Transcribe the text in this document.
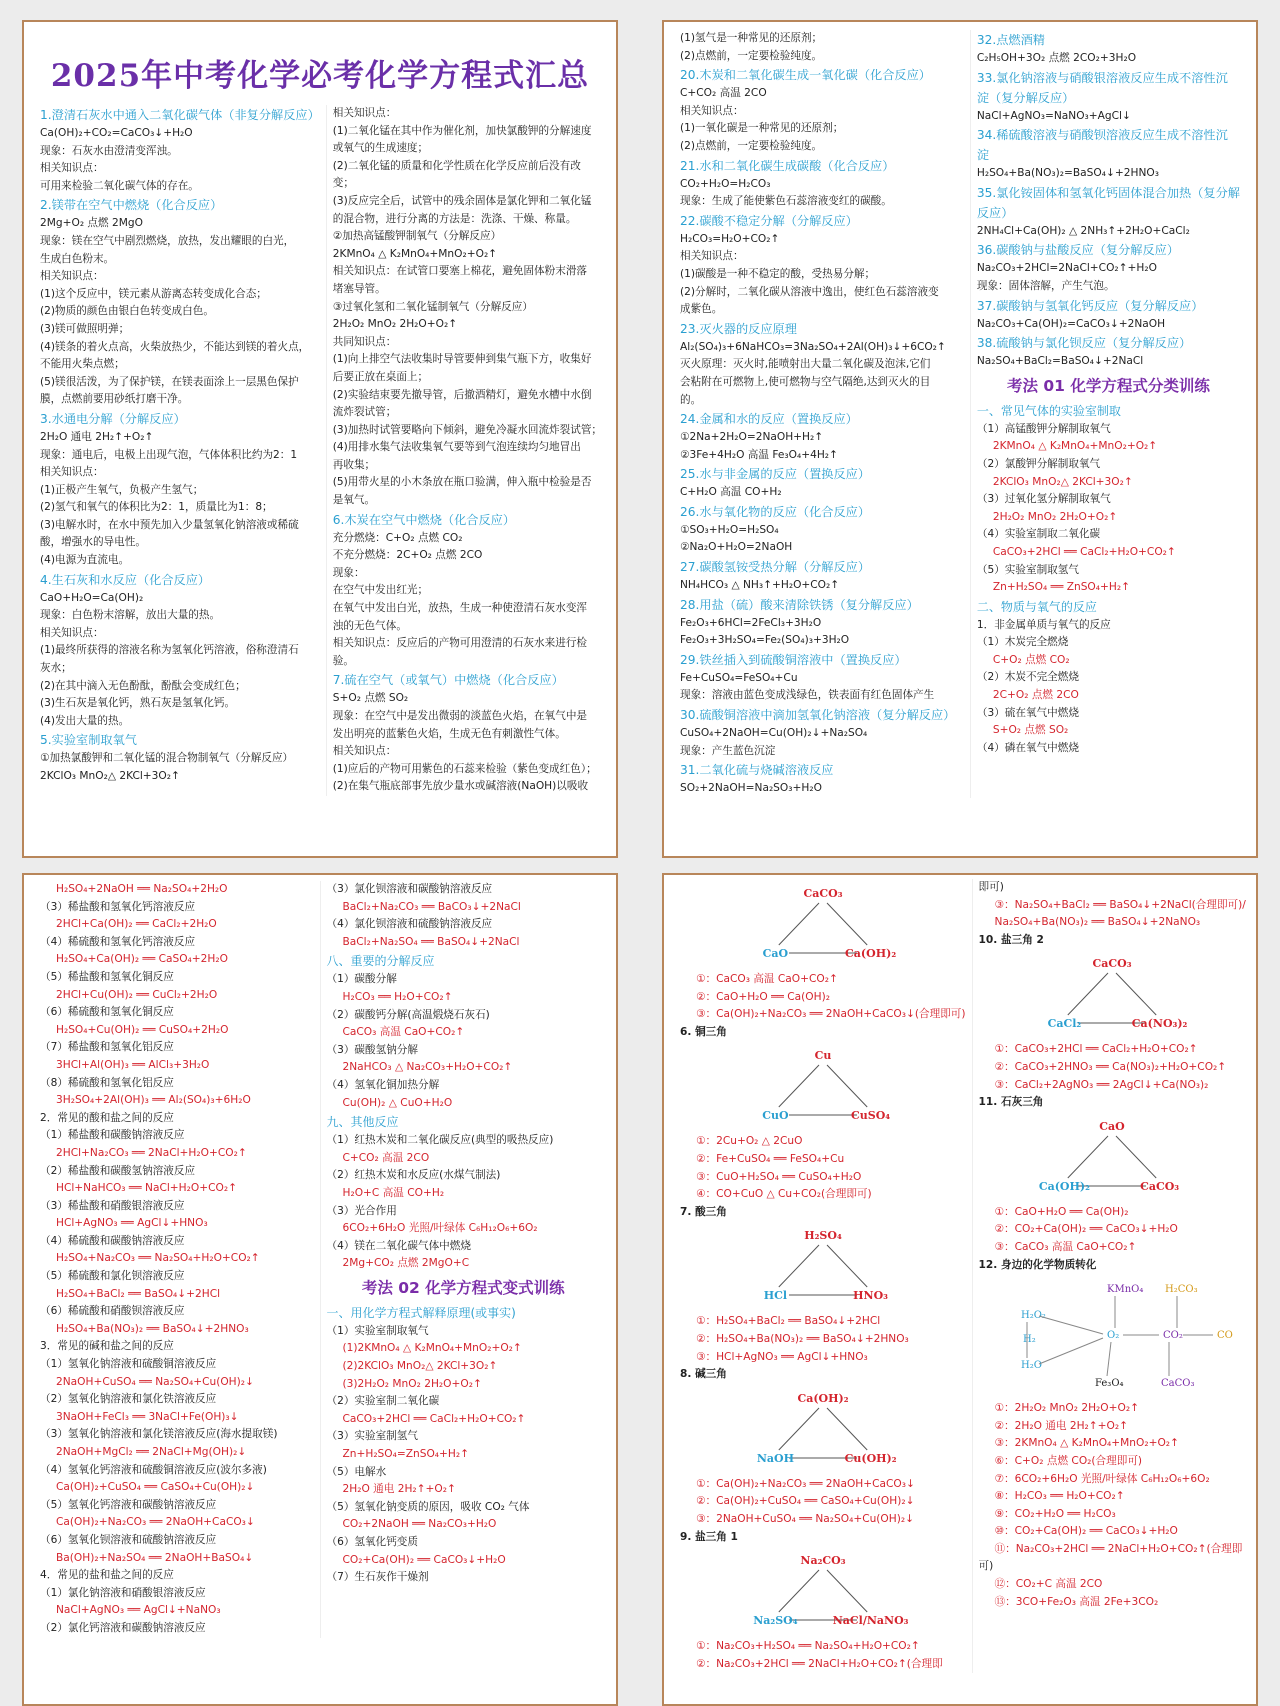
2025年中考化学必考化学方程式汇总
1.澄清石灰水中通入二氧化碳气体（非复分解反应）
Ca(OH)₂+CO₂=CaCO₃↓+H₂O
现象：石灰水由澄清变浑浊。
相关知识点：
可用来检验二氧化碳气体的存在。
2.镁带在空气中燃烧（化合反应）
2Mg+O₂ 点燃 2MgO
现象：镁在空气中剧烈燃烧，放热，发出耀眼的白光，
生成白色粉末。
相关知识点：
(1)这个反应中，镁元素从游离态转变成化合态；
(2)物质的颜色由银白色转变成白色。
(3)镁可做照明弹；
(4)镁条的着火点高，火柴放热少，不能达到镁的着火点，
不能用火柴点燃；
(5)镁很活泼，为了保护镁，在镁表面涂上一层黑色保护
膜，点燃前要用砂纸打磨干净。
3.水通电分解（分解反应）
2H₂O 通电 2H₂↑+O₂↑
现象：通电后，电极上出现气泡，气体体积比约为2：1
相关知识点：
(1)正极产生氧气，负极产生氢气；
(2)氢气和氧气的体积比为2：1，质量比为1：8；
(3)电解水时，在水中预先加入少量氢氧化钠溶液或稀硫
酸，增强水的导电性。
(4)电源为直流电。
4.生石灰和水反应（化合反应）
CaO+H₂O=Ca(OH)₂
现象：白色粉末溶解，放出大量的热。
相关知识点：
(1)最终所获得的溶液名称为氢氧化钙溶液，俗称澄清石
灰水；
(2)在其中滴入无色酚酞，酚酞会变成红色；
(3)生石灰是氧化钙，熟石灰是氢氧化钙。
(4)发出大量的热。
5.实验室制取氧气
①加热氯酸钾和二氧化锰的混合物制氧气（分解反应）
2KClO₃ MnO₂△ 2KCl+3O₂↑
相关知识点：
(1)二氧化锰在其中作为催化剂，加快氯酸钾的分解速度
或氧气的生成速度；
(2)二氧化锰的质量和化学性质在化学反应前后没有改
变；
(3)反应完全后，试管中的残余固体是氯化钾和二氧化锰
的混合物，进行分离的方法是：洗涤、干燥、称量。
②加热高锰酸钾制氧气（分解反应）
2KMnO₄ △ K₂MnO₄+MnO₂+O₂↑
相关知识点：在试管口要塞上棉花，避免固体粉末滑落
堵塞导管。
③过氧化氢和二氧化锰制氧气（分解反应）
2H₂O₂ MnO₂ 2H₂O+O₂↑
共同知识点：
(1)向上排空气法收集时导管要伸到集气瓶下方，收集好
后要正放在桌面上；
(2)实验结束要先撤导管，后撤酒精灯，避免水槽中水倒
流炸裂试管；
(3)加热时试管要略向下倾斜，避免冷凝水回流炸裂试管；
(4)用排水集气法收集氧气要等到气泡连续均匀地冒出
再收集；
(5)用带火星的小木条放在瓶口验满，伸入瓶中检验是否
是氧气。
6.木炭在空气中燃烧（化合反应）
充分燃烧：C+O₂ 点燃 CO₂
不充分燃烧：2C+O₂ 点燃 2CO
现象：
在空气中发出红光；
在氧气中发出白光，放热，生成一种使澄清石灰水变浑
浊的无色气体。
相关知识点：反应后的产物可用澄清的石灰水来进行检
验。
7.硫在空气（或氧气）中燃烧（化合反应）
S+O₂ 点燃 SO₂
现象：在空气中是发出微弱的淡蓝色火焰，在氧气中是
发出明亮的蓝紫色火焰，生成无色有刺激性气体。
相关知识点：
(1)应后的产物可用紫色的石蕊来检验（紫色变成红色）；
(2)在集气瓶底部事先放少量水或碱溶液(NaOH)以吸收
(1)氢气是一种常见的还原剂；
(2)点燃前，一定要检验纯度。
20.木炭和二氧化碳生成一氧化碳（化合反应）
C+CO₂ 高温 2CO
相关知识点：
(1)一氧化碳是一种常见的还原剂；
(2)点燃前，一定要检验纯度。
21.水和二氧化碳生成碳酸（化合反应）
CO₂+H₂O=H₂CO₃
现象：生成了能使紫色石蕊溶液变红的碳酸。
22.碳酸不稳定分解（分解反应）
H₂CO₃=H₂O+CO₂↑
相关知识点：
(1)碳酸是一种不稳定的酸，受热易分解；
(2)分解时，二氧化碳从溶液中逸出，使红色石蕊溶液变
成紫色。
23.灭火器的反应原理
Al₂(SO₄)₃+6NaHCO₃=3Na₂SO₄+2Al(OH)₃↓+6CO₂↑
灭火原理：灭火时,能喷射出大量二氧化碳及泡沫,它们
会粘附在可燃物上,使可燃物与空气隔绝,达到灭火的目
的。
24.金属和水的反应（置换反应）
①2Na+2H₂O=2NaOH+H₂↑
②3Fe+4H₂O 高温 Fe₃O₄+4H₂↑
25.水与非金属的反应（置换反应）
C+H₂O 高温 CO+H₂
26.水与氧化物的反应（化合反应）
①SO₃+H₂O=H₂SO₄
②Na₂O+H₂O=2NaOH
27.碳酸氢铵受热分解（分解反应）
NH₄HCO₃ △ NH₃↑+H₂O+CO₂↑
28.用盐（硫）酸来清除铁锈（复分解反应）
Fe₂O₃+6HCl=2FeCl₃+3H₂O
Fe₂O₃+3H₂SO₄=Fe₂(SO₄)₃+3H₂O
29.铁丝插入到硫酸铜溶液中（置换反应）
Fe+CuSO₄=FeSO₄+Cu
现象：溶液由蓝色变成浅绿色，铁表面有红色固体产生
30.硫酸铜溶液中滴加氢氧化钠溶液（复分解反应）
CuSO₄+2NaOH=Cu(OH)₂↓+Na₂SO₄
现象：产生蓝色沉淀
31.二氧化硫与烧碱溶液反应
SO₂+2NaOH=Na₂SO₃+H₂O
32.点燃酒精
C₂H₅OH+3O₂ 点燃 2CO₂+3H₂O
33.氯化钠溶液与硝酸银溶液反应生成不溶性沉
淀（复分解反应）
NaCl+AgNO₃=NaNO₃+AgCl↓
34.稀硫酸溶液与硝酸钡溶液反应生成不溶性沉
淀
H₂SO₄+Ba(NO₃)₂=BaSO₄↓+2HNO₃
35.氯化铵固体和氢氧化钙固体混合加热（复分解
反应）
2NH₄Cl+Ca(OH)₂ △ 2NH₃↑+2H₂O+CaCl₂
36.碳酸钠与盐酸反应（复分解反应）
Na₂CO₃+2HCl=2NaCl+CO₂↑+H₂O
现象：固体溶解，产生气泡。
37.碳酸钠与氢氧化钙反应（复分解反应）
Na₂CO₃+Ca(OH)₂=CaCO₃↓+2NaOH
38.硫酸钠与氯化钡反应（复分解反应）
Na₂SO₄+BaCl₂=BaSO₄↓+2NaCl
考法 01 化学方程式分类训练
一、常见气体的实验室制取
（1）高锰酸钾分解制取氧气
2KMnO₄ △ K₂MnO₄+MnO₂+O₂↑
（2）氯酸钾分解制取氧气
2KClO₃ MnO₂△ 2KCl+3O₂↑
（3）过氧化氢分解制取氧气
2H₂O₂ MnO₂ 2H₂O+O₂↑
（4）实验室制取二氧化碳
CaCO₃+2HCl ══ CaCl₂+H₂O+CO₂↑
（5）实验室制取氢气
Zn+H₂SO₄ ══ ZnSO₄+H₂↑
二、物质与氧气的反应
1．非金属单质与氧气的反应
（1）木炭完全燃烧
C+O₂ 点燃 CO₂
（2）木炭不完全燃烧
2C+O₂ 点燃 2CO
（3）硫在氧气中燃烧
S+O₂ 点燃 SO₂
（4）磷在氧气中燃烧
H₂SO₄+2NaOH ══ Na₂SO₄+2H₂O
（3）稀盐酸和氢氧化钙溶液反应
2HCl+Ca(OH)₂ ══ CaCl₂+2H₂O
（4）稀硫酸和氢氧化钙溶液反应
H₂SO₄+Ca(OH)₂ ══ CaSO₄+2H₂O
（5）稀盐酸和氢氧化铜反应
2HCl+Cu(OH)₂ ══ CuCl₂+2H₂O
（6）稀硫酸和氢氧化铜反应
H₂SO₄+Cu(OH)₂ ══ CuSO₄+2H₂O
（7）稀盐酸和氢氧化铝反应
3HCl+Al(OH)₃ ══ AlCl₃+3H₂O
（8）稀硫酸和氢氧化铝反应
3H₂SO₄+2Al(OH)₃ ══ Al₂(SO₄)₃+6H₂O
2．常见的酸和盐之间的反应
（1）稀盐酸和碳酸钠溶液反应
2HCl+Na₂CO₃ ══ 2NaCl+H₂O+CO₂↑
（2）稀盐酸和碳酸氢钠溶液反应
HCl+NaHCO₃ ══ NaCl+H₂O+CO₂↑
（3）稀盐酸和硝酸银溶液反应
HCl+AgNO₃ ══ AgCl↓+HNO₃
（4）稀硫酸和碳酸钠溶液反应
H₂SO₄+Na₂CO₃ ══ Na₂SO₄+H₂O+CO₂↑
（5）稀硫酸和氯化钡溶液反应
H₂SO₄+BaCl₂ ══ BaSO₄↓+2HCl
（6）稀硫酸和硝酸钡溶液反应
H₂SO₄+Ba(NO₃)₂ ══ BaSO₄↓+2HNO₃
3．常见的碱和盐之间的反应
（1）氢氧化钠溶液和硫酸铜溶液反应
2NaOH+CuSO₄ ══ Na₂SO₄+Cu(OH)₂↓
（2）氢氧化钠溶液和氯化铁溶液反应
3NaOH+FeCl₃ ══ 3NaCl+Fe(OH)₃↓
（3）氢氧化钠溶液和氯化镁溶液反应(海水提取镁)
2NaOH+MgCl₂ ══ 2NaCl+Mg(OH)₂↓
（4）氢氧化钙溶液和硫酸铜溶液反应(波尔多液)
Ca(OH)₂+CuSO₄ ══ CaSO₄+Cu(OH)₂↓
（5）氢氧化钙溶液和碳酸钠溶液反应
Ca(OH)₂+Na₂CO₃ ══ 2NaOH+CaCO₃↓
（6）氢氧化钡溶液和硫酸钠溶液反应
Ba(OH)₂+Na₂SO₄ ══ 2NaOH+BaSO₄↓
4．常见的盐和盐之间的反应
（1）氯化钠溶液和硝酸银溶液反应
NaCl+AgNO₃ ══ AgCl↓+NaNO₃
（2）氯化钙溶液和碳酸钠溶液反应
（3）氯化钡溶液和碳酸钠溶液反应
BaCl₂+Na₂CO₃ ══ BaCO₃↓+2NaCl
（4）氯化钡溶液和硫酸钠溶液反应
BaCl₂+Na₂SO₄ ══ BaSO₄↓+2NaCl
八、重要的分解反应
（1）碳酸分解
H₂CO₃ ══ H₂O+CO₂↑
（2）碳酸钙分解(高温煅烧石灰石)
CaCO₃ 高温 CaO+CO₂↑
（3）碳酸氢钠分解
2NaHCO₃ △ Na₂CO₃+H₂O+CO₂↑
（4）氢氧化铜加热分解
Cu(OH)₂ △ CuO+H₂O
九、其他反应
（1）红热木炭和二氧化碳反应(典型的吸热反应)
C+CO₂ 高温 2CO
（2）红热木炭和水反应(水煤气制法)
H₂O+C 高温 CO+H₂
（3）光合作用
6CO₂+6H₂O 光照/叶绿体 C₆H₁₂O₆+6O₂
（4）镁在二氧化碳气体中燃烧
2Mg+CO₂ 点燃 2MgO+C
考法 02 化学方程式变式训练
一、用化学方程式解释原理(或事实)
（1）实验室制取氧气
(1)2KMnO₄ △ K₂MnO₄+MnO₂+O₂↑
(2)2KClO₃ MnO₂△ 2KCl+3O₂↑
(3)2H₂O₂ MnO₂ 2H₂O+O₂↑
（2）实验室制二氧化碳
CaCO₃+2HCl ══ CaCl₂+H₂O+CO₂↑
（3）实验室制氢气
Zn+H₂SO₄=ZnSO₄+H₂↑
（5）电解水
2H₂O 通电 2H₂↑+O₂↑
（5）氢氧化钠变质的原因，吸收 CO₂ 气体
CO₂+2NaOH ══ Na₂CO₃+H₂O
（6）氢氧化钙变质
CO₂+Ca(OH)₂ ══ CaCO₃↓+H₂O
（7）生石灰作干燥剂
CaCO₃
CaO	Ca(OH)₂
①：CaCO₃ 高温 CaO+CO₂↑
②：CaO+H₂O ══ Ca(OH)₂
③：Ca(OH)₂+Na₂CO₃ ══ 2NaOH+CaCO₃↓(合理即可)
6. 铜三角
Cu
CuO	CuSO₄
①：2Cu+O₂ △ 2CuO
②：Fe+CuSO₄ ══ FeSO₄+Cu
③：CuO+H₂SO₄ ══ CuSO₄+H₂O
④：CO+CuO △ Cu+CO₂(合理即可)
7. 酸三角
H₂SO₄
HCl	HNO₃
①：H₂SO₄+BaCl₂ ══ BaSO₄↓+2HCl
②：H₂SO₄+Ba(NO₃)₂ ══ BaSO₄↓+2HNO₃
③：HCl+AgNO₃ ══ AgCl↓+HNO₃
8. 碱三角
Ca(OH)₂
NaOH	Cu(OH)₂
①：Ca(OH)₂+Na₂CO₃ ══ 2NaOH+CaCO₃↓
②：Ca(OH)₂+CuSO₄ ══ CaSO₄+Cu(OH)₂↓
③：2NaOH+CuSO₄ ══ Na₂SO₄+Cu(OH)₂↓
9. 盐三角 1
Na₂CO₃
Na₂SO₄	NaCl/NaNO₃
①：Na₂CO₃+H₂SO₄ ══ Na₂SO₄+H₂O+CO₂↑
②：Na₂CO₃+2HCl ══ 2NaCl+H₂O+CO₂↑(合理即
即可)
③：Na₂SO₄+BaCl₂ ══ BaSO₄↓+2NaCl(合理即可)/
Na₂SO₄+Ba(NO₃)₂ ══ BaSO₄↓+2NaNO₃
10. 盐三角 2
CaCO₃
CaCl₂	Ca(NO₃)₂
①：CaCO₃+2HCl ══ CaCl₂+H₂O+CO₂↑
②：CaCO₃+2HNO₃ ══ Ca(NO₃)₂+H₂O+CO₂↑
③：CaCl₂+2AgNO₃ ══ 2AgCl↓+Ca(NO₃)₂
11. 石灰三角
CaO
Ca(OH)₂	CaCO₃
①：CaO+H₂O ══ Ca(OH)₂
②：CO₂+Ca(OH)₂ ══ CaCO₃↓+H₂O
③：CaCO₃ 高温 CaO+CO₂↑
12. 身边的化学物质转化
KMnO₄ H₂CO₃
H₂O₂
O₂	CO₂	CO
H₂
H₂O
Fe₃O₄	CaCO₃
①：2H₂O₂ MnO₂ 2H₂O+O₂↑
②：2H₂O 通电 2H₂↑+O₂↑
③：2KMnO₄ △ K₂MnO₄+MnO₂+O₂↑
⑥：C+O₂ 点燃 CO₂(合理即可)
⑦：6CO₂+6H₂O 光照/叶绿体 C₆H₁₂O₆+6O₂
⑧：H₂CO₃ ══ H₂O+CO₂↑
⑨：CO₂+H₂O ══ H₂CO₃
⑩：CO₂+Ca(OH)₂ ══ CaCO₃↓+H₂O
⑪：Na₂CO₃+2HCl ══ 2NaCl+H₂O+CO₂↑(合理即
可)
⑫：CO₂+C 高温 2CO
⑬：3CO+Fe₂O₃ 高温 2Fe+3CO₂
